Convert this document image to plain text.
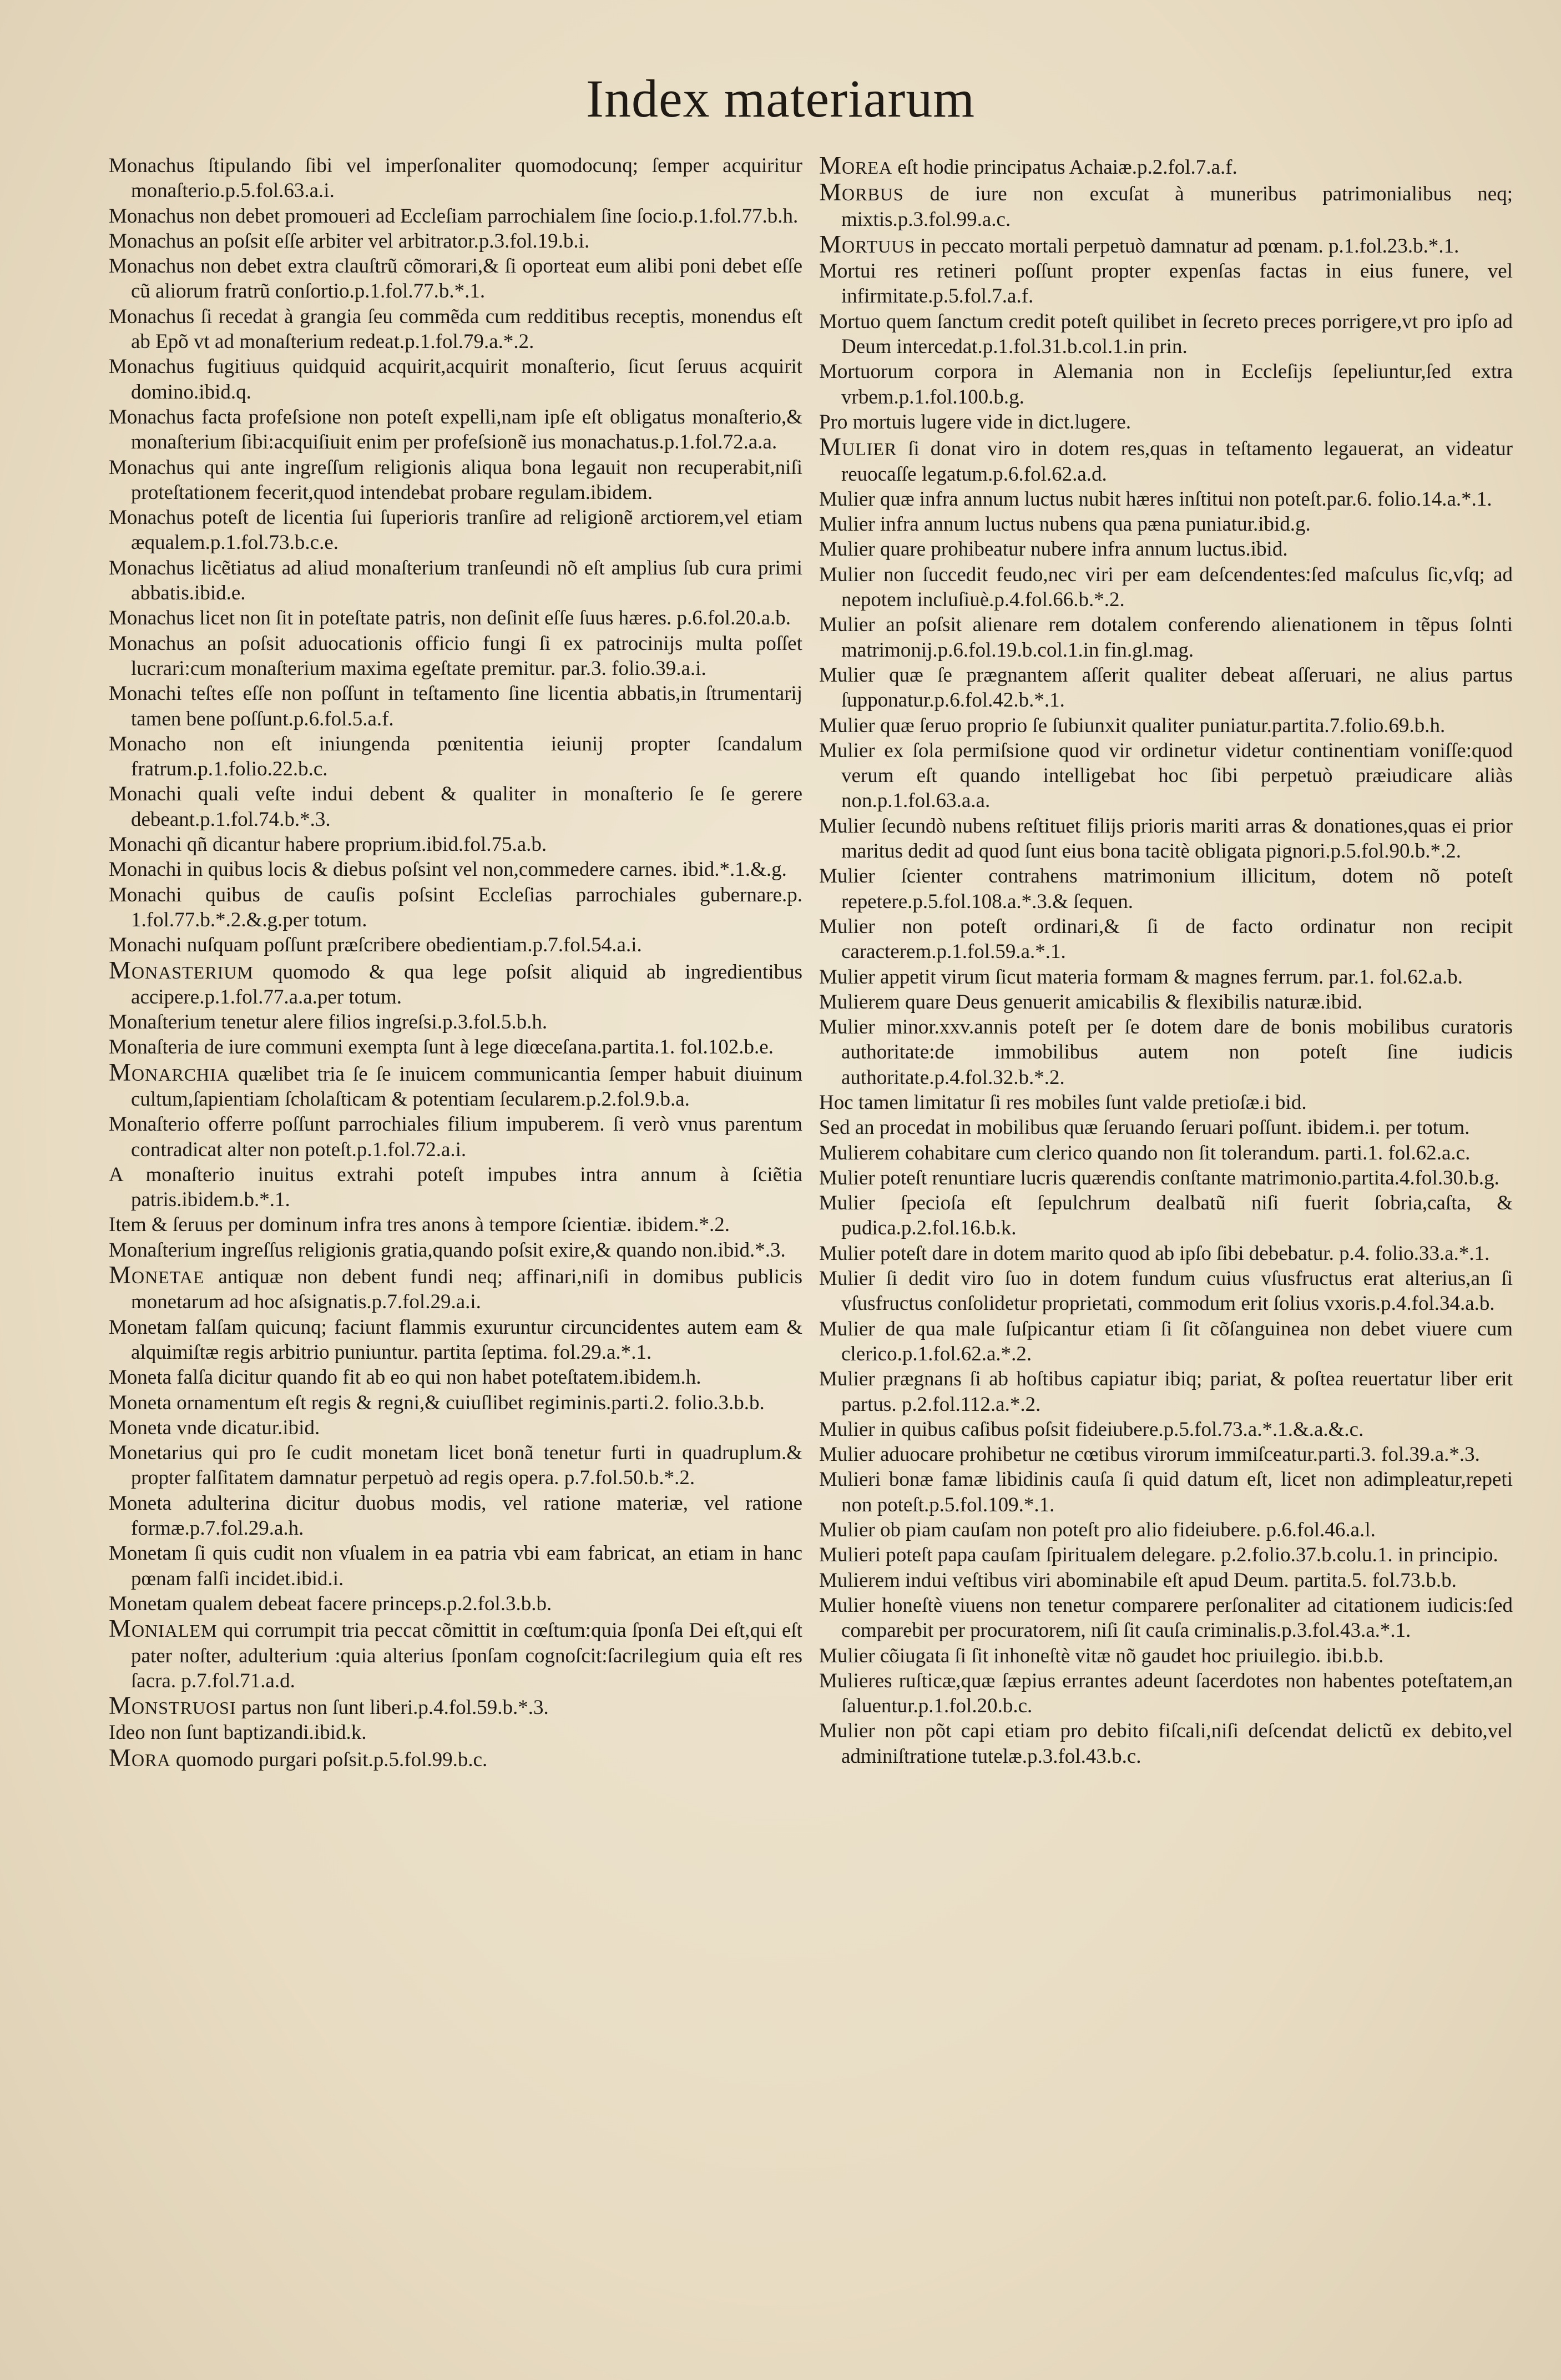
Index materiarum
Monachus ſtipulando ſibi vel imperſonaliter quomodocunq; ſemper acquiritur monaſterio.p.5.fol.63.a.i.
Monachus non debet promoueri ad Eccleſiam parrochialem ſine ſocio.p.1.fol.77.b.h.
Monachus an poſsit eſſe arbiter vel arbitrator.p.3.fol.19.b.i.
Monachus non debet extra clauſtrũ cõmorari,& ſi oporteat eum alibi poni debet eſſe cũ aliorum fratrũ conſortio.p.1.fol.77.b.*.1.
Monachus ſi recedat à grangia ſeu commẽda cum redditibus receptis, monendus eſt ab Epõ vt ad monaſterium redeat.p.1.fol.79.a.*.2.
Monachus fugitiuus quidquid acquirit,acquirit monaſterio, ſicut ſeruus acquirit domino.ibid.q.
Monachus facta profeſsione non poteſt expelli,nam ipſe eſt obligatus monaſterio,& monaſterium ſibi:acquiſiuit enim per profeſsionẽ ius monachatus.p.1.fol.72.a.a.
Monachus qui ante ingreſſum religionis aliqua bona legauit non recuperabit,niſi proteſtationem fecerit,quod intendebat probare regulam.ibidem.
Monachus poteſt de licentia ſui ſuperioris tranſire ad religionẽ arctiorem,vel etiam æqualem.p.1.fol.73.b.c.e.
Monachus licẽtiatus ad aliud monaſterium tranſeundi nõ eſt amplius ſub cura primi abbatis.ibid.e.
Monachus licet non ſit in poteſtate patris, non deſinit eſſe ſuus hæres. p.6.fol.20.a.b.
Monachus an poſsit aduocationis officio fungi ſi ex patrocinijs multa poſſet lucrari:cum monaſterium maxima egeſtate premitur. par.3. folio.39.a.i.
Monachi teſtes eſſe non poſſunt in teſtamento ſine licentia abbatis,in ſtrumentarij tamen bene poſſunt.p.6.fol.5.a.f.
Monacho non eſt iniungenda pœnitentia ieiunij propter ſcandalum fratrum.p.1.folio.22.b.c.
Monachi quali veſte indui debent & qualiter in monaſterio ſe ſe gerere debeant.p.1.fol.74.b.*.3.
Monachi qñ dicantur habere proprium.ibid.fol.75.a.b.
Monachi in quibus locis & diebus poſsint vel non,commedere carnes. ibid.*.1.&.g.
Monachi quibus de cauſis poſsint Eccleſias parrochiales gubernare.p. 1.fol.77.b.*.2.&.g.per totum.
Monachi nuſquam poſſunt præſcribere obedientiam.p.7.fol.54.a.i.
Monasterium quomodo & qua lege poſsit aliquid ab ingredientibus accipere.p.1.fol.77.a.a.per totum.
Monaſterium tenetur alere filios ingreſsi.p.3.fol.5.b.h.
Monaſteria de iure communi exempta ſunt à lege diœceſana.partita.1. fol.102.b.e.
Monarchia quælibet tria ſe ſe inuicem communicantia ſemper habuit diuinum cultum,ſapientiam ſcholaſticam & potentiam ſecularem.p.2.fol.9.b.a.
Monaſterio offerre poſſunt parrochiales filium impuberem. ſi verò vnus parentum contradicat alter non poteſt.p.1.fol.72.a.i.
A monaſterio inuitus extrahi poteſt impubes intra annum à ſciẽtia patris.ibidem.b.*.1.
Item & ſeruus per dominum infra tres anons à tempore ſcientiæ. ibidem.*.2.
Monaſterium ingreſſus religionis gratia,quando poſsit exire,& quando non.ibid.*.3.
Monetae antiquæ non debent fundi neq; affinari,niſi in domibus publicis monetarum ad hoc aſsignatis.p.7.fol.29.a.i.
Monetam falſam quicunq; faciunt flammis exuruntur circuncidentes autem eam & alquimiſtæ regis arbitrio puniuntur. partita ſeptima. fol.29.a.*.1.
Moneta falſa dicitur quando fit ab eo qui non habet poteſtatem.ibidem.h.
Moneta ornamentum eſt regis & regni,& cuiuſlibet regiminis.parti.2. folio.3.b.b.
Moneta vnde dicatur.ibid.
Monetarius qui pro ſe cudit monetam licet bonã tenetur furti in quadruplum.& propter falſitatem damnatur perpetuò ad regis opera. p.7.fol.50.b.*.2.
Moneta adulterina dicitur duobus modis, vel ratione materiæ, vel ratione formæ.p.7.fol.29.a.h.
Monetam ſi quis cudit non vſualem in ea patria vbi eam fabricat, an etiam in hanc pœnam falſi incidet.ibid.i.
Monetam qualem debeat facere princeps.p.2.fol.3.b.b.
Monialem qui corrumpit tria peccat cõmittit in cœſtum:quia ſponſa Dei eſt,qui eſt pater noſter, adulterium :quia alterius ſponſam cognoſcit:ſacrilegium quia eſt res ſacra. p.7.fol.71.a.d.
Monstruosi partus non ſunt liberi.p.4.fol.59.b.*.3.
Ideo non ſunt baptizandi.ibid.k.
Mora quomodo purgari poſsit.p.5.fol.99.b.c.
Morea eſt hodie principatus Achaiæ.p.2.fol.7.a.f.
Morbus de iure non excuſat à muneribus patrimonialibus neq; mixtis.p.3.fol.99.a.c.
Mortuus in peccato mortali perpetuò damnatur ad pœnam. p.1.fol.23.b.*.1.
Mortui res retineri poſſunt propter expenſas factas in eius funere, vel infirmitate.p.5.fol.7.a.f.
Mortuo quem ſanctum credit poteſt quilibet in ſecreto preces porrigere,vt pro ipſo ad Deum intercedat.p.1.fol.31.b.col.1.in prin.
Mortuorum corpora in Alemania non in Eccleſijs ſepeliuntur,ſed extra vrbem.p.1.fol.100.b.g.
Pro mortuis lugere vide in dict.lugere.
Mulier ſi donat viro in dotem res,quas in teſtamento legauerat, an videatur reuocaſſe legatum.p.6.fol.62.a.d.
Mulier quæ infra annum luctus nubit hæres inſtitui non poteſt.par.6. folio.14.a.*.1.
Mulier infra annum luctus nubens qua pæna puniatur.ibid.g.
Mulier quare prohibeatur nubere infra annum luctus.ibid.
Mulier non ſuccedit feudo,nec viri per eam deſcendentes:ſed maſculus ſic,vſq; ad nepotem incluſiuè.p.4.fol.66.b.*.2.
Mulier an poſsit alienare rem dotalem conferendo alienationem in tẽpus ſolnti matrimonij.p.6.fol.19.b.col.1.in fin.gl.mag.
Mulier quæ ſe prægnantem aſſerit qualiter debeat aſſeruari, ne alius partus ſupponatur.p.6.fol.42.b.*.1.
Mulier quæ ſeruo proprio ſe ſubiunxit qualiter puniatur.partita.7.folio.69.b.h.
Mulier ex ſola permiſsione quod vir ordinetur videtur continentiam voniſſe:quod verum eſt quando intelligebat hoc ſibi perpetuò præiudicare aliàs non.p.1.fol.63.a.a.
Mulier ſecundò nubens reſtituet filijs prioris mariti arras & donationes,quas ei prior maritus dedit ad quod ſunt eius bona tacitè obligata pignori.p.5.fol.90.b.*.2.
Mulier ſcienter contrahens matrimonium illicitum, dotem nõ poteſt repetere.p.5.fol.108.a.*.3.& ſequen.
Mulier non poteſt ordinari,& ſi de facto ordinatur non recipit caracterem.p.1.fol.59.a.*.1.
Mulier appetit virum ſicut materia formam & magnes ferrum. par.1. fol.62.a.b.
Mulierem quare Deus genuerit amicabilis & flexibilis naturæ.ibid.
Mulier minor.xxv.annis poteſt per ſe dotem dare de bonis mobilibus curatoris authoritate:de immobilibus autem non poteſt ſine iudicis authoritate.p.4.fol.32.b.*.2.
Hoc tamen limitatur ſi res mobiles ſunt valde pretioſæ.i bid.
Sed an procedat in mobilibus quæ ſeruando ſeruari poſſunt. ibidem.i. per totum.
Mulierem cohabitare cum clerico quando non ſit tolerandum. parti.1. fol.62.a.c.
Mulier poteſt renuntiare lucris quærendis conſtante matrimonio.partita.4.fol.30.b.g.
Mulier ſpecioſa eſt ſepulchrum dealbatũ niſi fuerit ſobria,caſta, & pudica.p.2.fol.16.b.k.
Mulier poteſt dare in dotem marito quod ab ipſo ſibi debebatur. p.4. folio.33.a.*.1.
Mulier ſi dedit viro ſuo in dotem fundum cuius vſusfructus erat alterius,an ſi vſusfructus conſolidetur proprietati, commodum erit ſolius vxoris.p.4.fol.34.a.b.
Mulier de qua male ſuſpicantur etiam ſi ſit cõſanguinea non debet viuere cum clerico.p.1.fol.62.a.*.2.
Mulier prægnans ſi ab hoſtibus capiatur ibiq; pariat, & poſtea reuertatur liber erit partus. p.2.fol.112.a.*.2.
Mulier in quibus caſibus poſsit fideiubere.p.5.fol.73.a.*.1.&.a.&.c.
Mulier aduocare prohibetur ne cœtibus virorum immiſceatur.parti.3. fol.39.a.*.3.
Mulieri bonæ famæ libidinis cauſa ſi quid datum eſt, licet non adimpleatur,repeti non poteſt.p.5.fol.109.*.1.
Mulier ob piam cauſam non poteſt pro alio fideiubere. p.6.fol.46.a.l.
Mulieri poteſt papa cauſam ſpiritualem delegare. p.2.folio.37.b.colu.1. in principio.
Mulierem indui veſtibus viri abominabile eſt apud Deum. partita.5. fol.73.b.b.
Mulier honeſtè viuens non tenetur comparere perſonaliter ad citationem iudicis:ſed comparebit per procuratorem, niſi ſit cauſa criminalis.p.3.fol.43.a.*.1.
Mulier cõiugata ſi ſit inhoneſtè vitæ nõ gaudet hoc priuilegio. ibi.b.b.
Mulieres ruſticæ,quæ ſæpius errantes adeunt ſacerdotes non habentes poteſtatem,an ſaluentur.p.1.fol.20.b.c.
Mulier non põt capi etiam pro debito fiſcali,niſi deſcendat delictũ ex debito,vel adminiſtratione tutelæ.p.3.fol.43.b.c.
